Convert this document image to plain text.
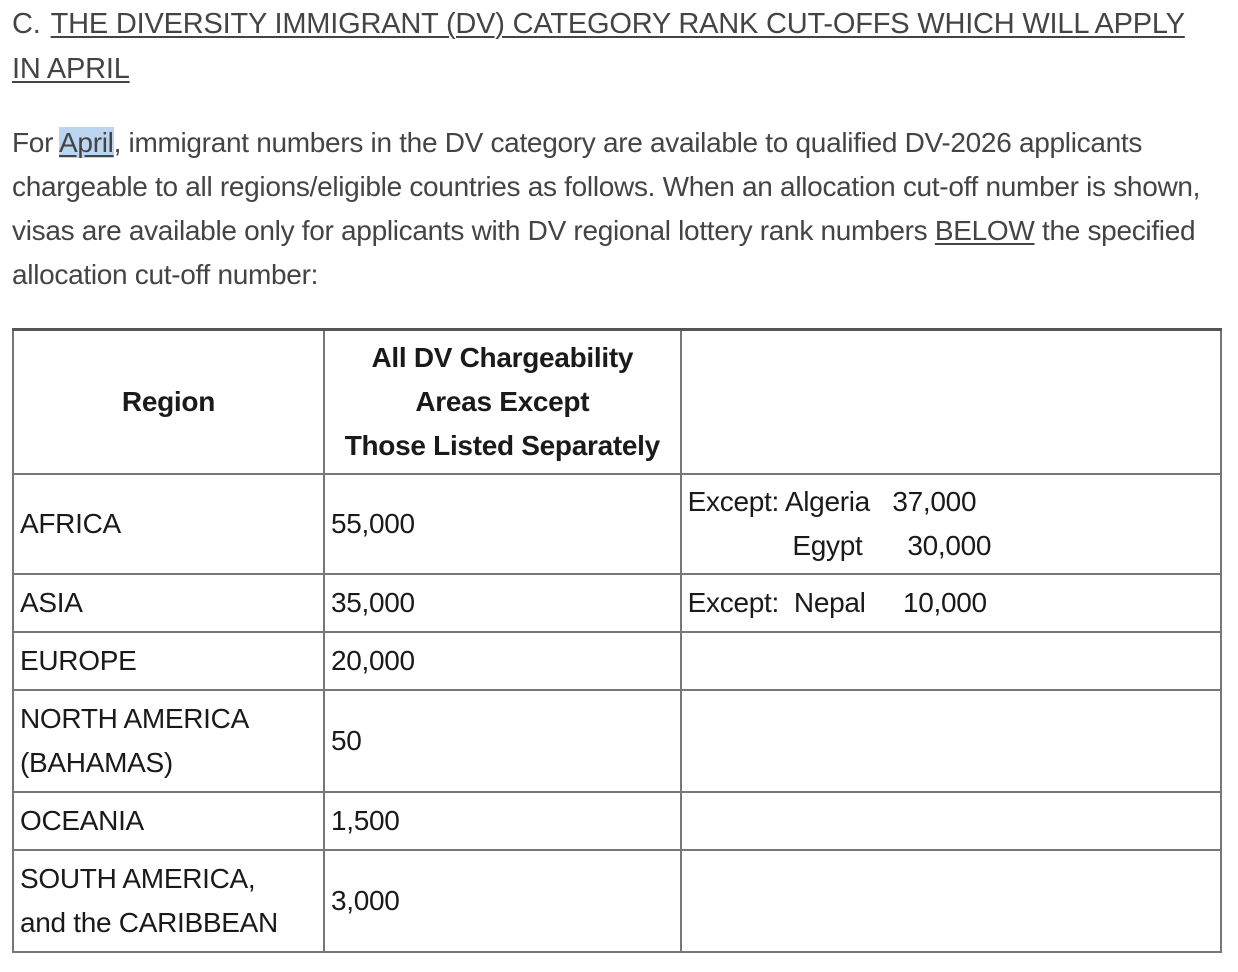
C. THE DIVERSITY IMMIGRANT (DV) CATEGORY RANK CUT-OFFS WHICH WILL APPLY IN APRIL
For April, immigrant numbers in the DV category are available to qualified DV-2026 applicants chargeable to all regions/eligible countries as follows. When an allocation cut-off number is shown, visas are available only for applicants with DV regional lottery rank numbers BELOW the specified allocation cut-off number:
Region	All DV Chargeability
Areas Except
Those Listed Separately	

AFRICA	55,000	Except: Algeria   37,000
Egypt      30,000

ASIA	35,000	Except:  Nepal     10,000

EUROPE	20,000	

NORTH AMERICA
(BAHAMAS)	50	

OCEANIA	1,500	

SOUTH AMERICA,
and the CARIBBEAN	3,000	
